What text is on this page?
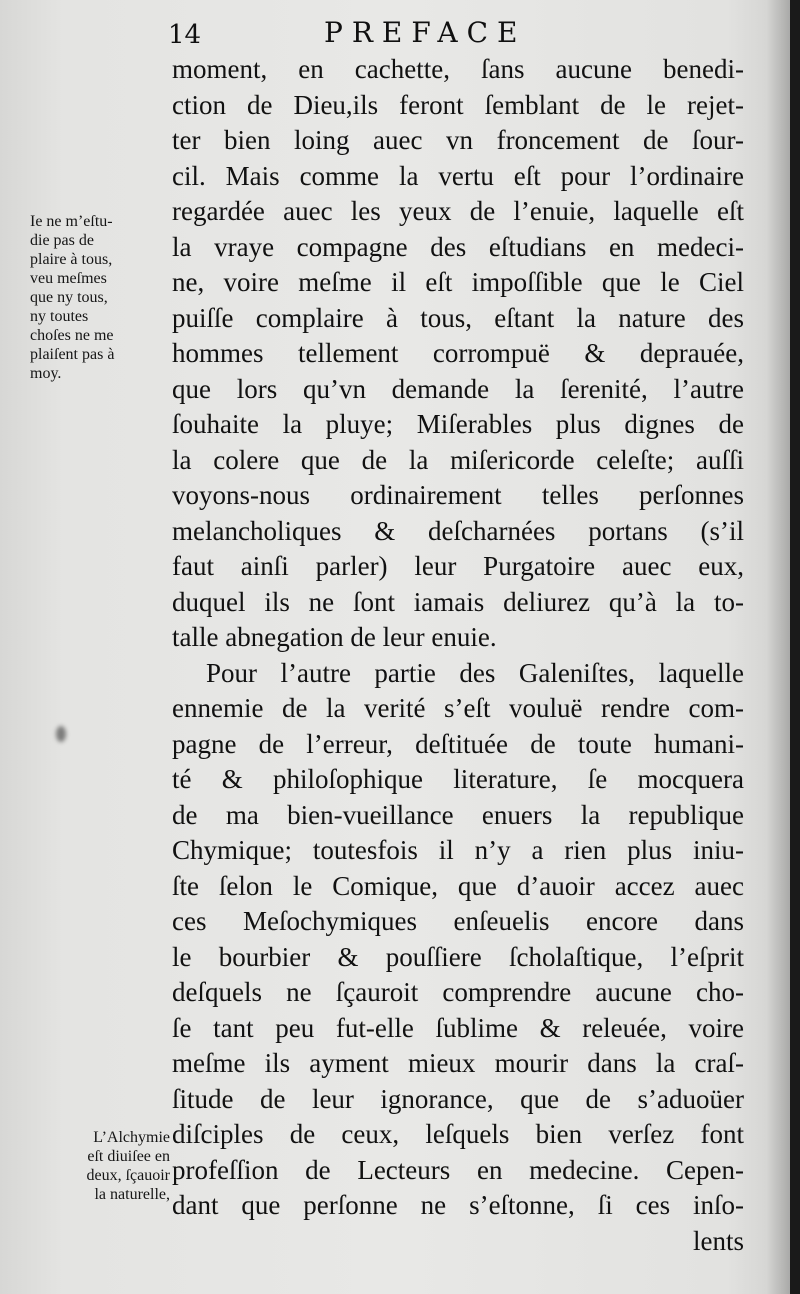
14	PREFACE
moment, en cachette, ſans aucune benedi-
ction de Dieu,ils feront ſemblant de le rejet-
ter bien loing auec vn froncement de ſour-
cil. Mais comme la vertu eſt pour l’ordinaire
regardée auec les yeux de l’enuie, laquelle eſt
la vraye compagne des eſtudians en medeci-
ne, voire meſme il eſt impoſſible que le Ciel
puiſſe complaire à tous, eſtant la nature des
hommes tellement corrompuë & deprauée,
que lors qu’vn demande la ſerenité, l’autre
ſouhaite la pluye; Miſerables plus dignes de
la colere que de la miſericorde celeſte; auſſi
voyons-nous ordinairement telles perſonnes
melancholiques & deſcharnées portans (s’il
faut ainſi parler) leur Purgatoire auec eux,
duquel ils ne ſont iamais deliurez qu’à la to-
talle abnegation de leur enuie.
Pour l’autre partie des Galeniſtes, laquelle
ennemie de la verité s’eſt vouluë rendre com-
pagne de l’erreur, deſtituée de toute humani-
té & philoſophique literature, ſe mocquera
de ma bien-vueillance enuers la republique
Chymique; toutesfois il n’y a rien plus iniu-
ſte ſelon le Comique, que d’auoir accez auec
ces Meſochymiques enſeuelis encore dans
le bourbier & pouſſiere ſcholaſtique, l’eſprit
deſquels ne ſçauroit comprendre aucune cho-
ſe tant peu fut-elle ſublime & releuée, voire
meſme ils ayment mieux mourir dans la craſ-
ſitude de leur ignorance, que de s’aduoüer
diſciples de ceux, leſquels bien verſez font
profeſſion de Lecteurs en medecine. Cepen-
dant que perſonne ne s’eſtonne, ſi ces inſo-
lents
Ie ne m’eſtu-
die pas de
plaire à tous,
veu meſmes
que ny tous,
ny toutes
choſes ne me
plaiſent pas à
moy.
L’Alchymie
eſt diuiſee en
deux, ſçauoir
la naturelle,
